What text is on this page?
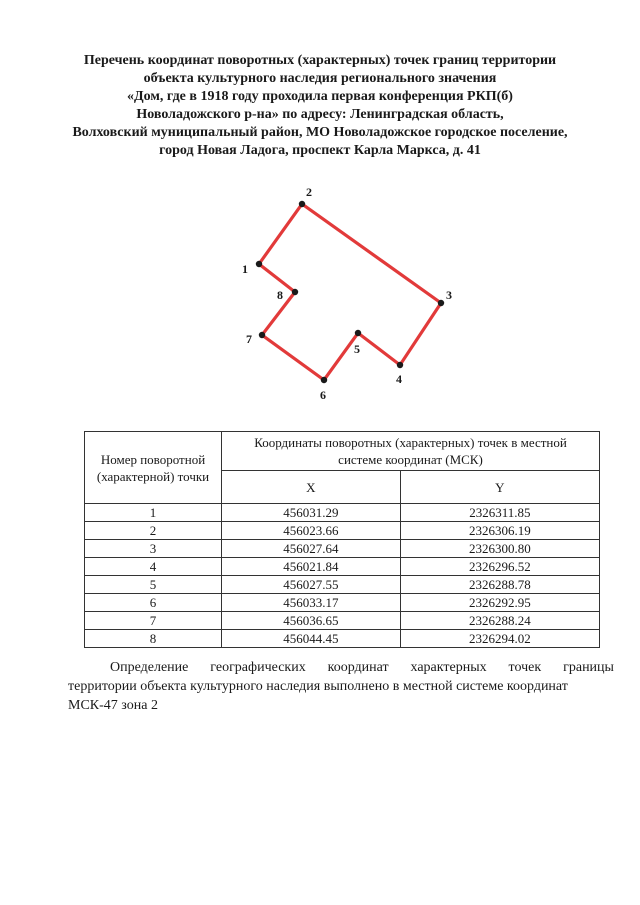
Перечень координат поворотных (характерных) точек границ территории
объекта культурного наследия регионального значения
«Дом, где в 1918 году проходила первая конференция РКП(б)
Новоладожского р-на» по адресу: Ленинградская область,
Волховский муниципальный район, МО Новоладожское городское поселение,
город Новая Ладога, проспект Карла Маркса, д. 41
1
2
3
4
5
6
7
8
Номер поворотной (характерной) точки	Координаты поворотных (характерных) точек в местной системе координат (МСК)	
	X	Y
1	456031.29	2326311.85
2	456023.66	2326306.19
3	456027.64	2326300.80
4	456021.84	2326296.52
5	456027.55	2326288.78
6	456033.17	2326292.95
7	456036.65	2326288.24
8	456044.45	2326294.02
Определение географических координат характерных точек границы
территории объекта культурного наследия выполнено в местной системе координат
МСК-47 зона 2
